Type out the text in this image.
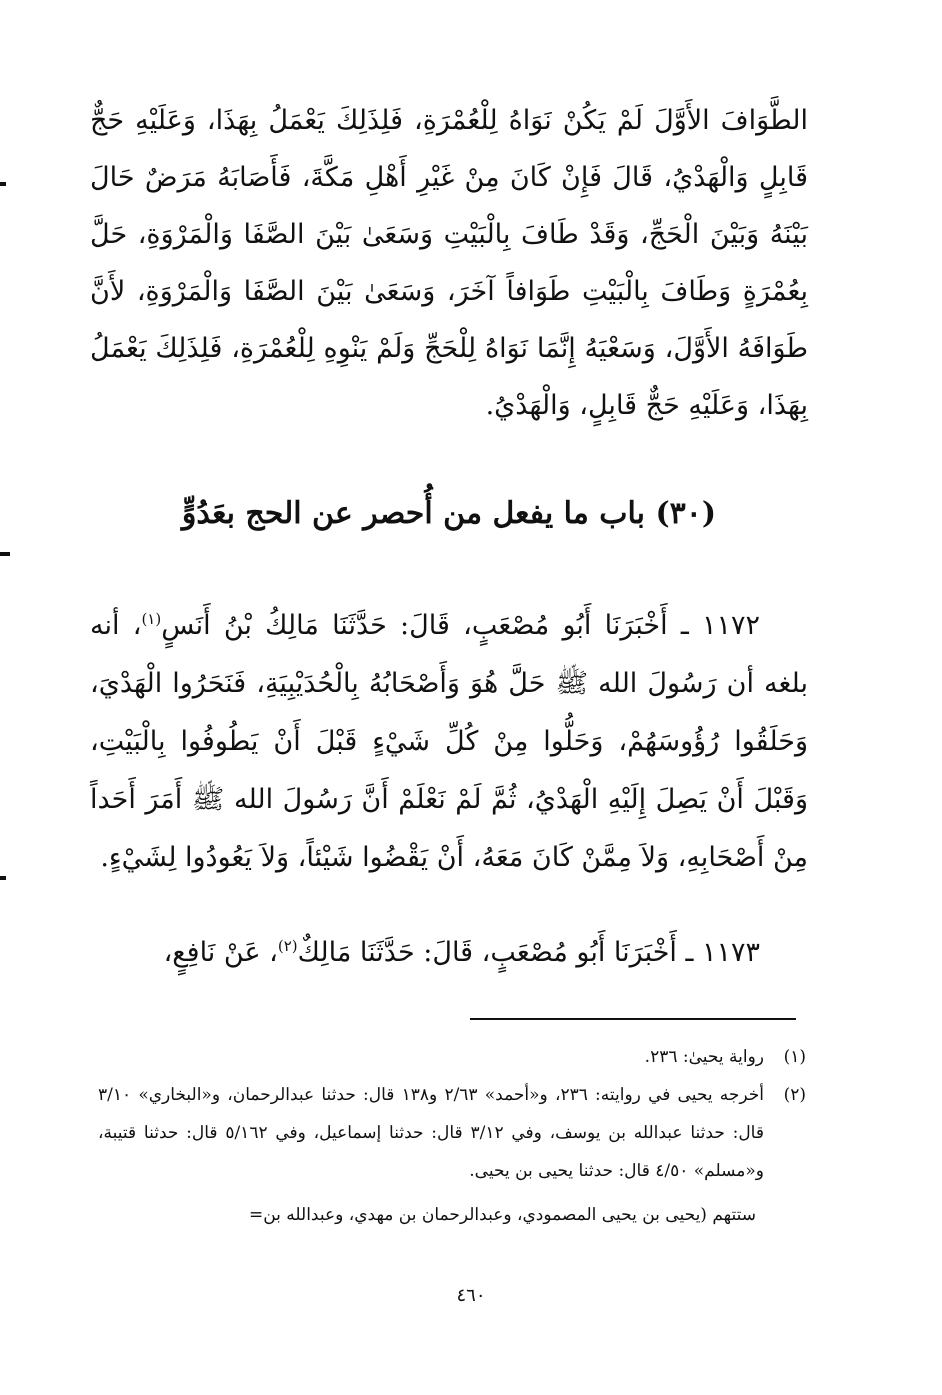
الطَّوَافَ الأَوَّلَ لَمْ يَكُنْ نَوَاهُ لِلْعُمْرَةِ، فَلِذَلِكَ يَعْمَلُ بِهَذَا، وَعَلَيْهِ حَجٌّ قَابِلٍ وَالْهَدْيُ، قَالَ فَإِنْ كَانَ مِنْ غَيْرِ أَهْلِ مَكَّةَ، فَأَصَابَهُ مَرَضٌ حَالَ بَيْنَهُ وَبَيْنَ الْحَجِّ، وَقَدْ طَافَ بِالْبَيْتِ وَسَعَىٰ بَيْنَ الصَّفَا وَالْمَرْوَةِ، حَلَّ بِعُمْرَةٍ وَطَافَ بِالْبَيْتِ طَوَافاً آخَرَ، وَسَعَىٰ بَيْنَ الصَّفَا وَالْمَرْوَةِ، لأَنَّ طَوَافَهُ الأَوَّلَ، وَسَعْيَهُ إِنَّمَا نَوَاهُ لِلْحَجِّ وَلَمْ يَنْوِهِ لِلْعُمْرَةِ، فَلِذَلِكَ يَعْمَلُ بِهَذَا، وَعَلَيْهِ حَجٌّ قَابِلٍ، وَالْهَدْيُ.

(٣٠) باب ما يفعل من أُحصر عن الحج بعَدُوٍّ

١١٧٢ ـ أَخْبَرَنَا أَبُو مُصْعَبٍ، قَالَ: حَدَّثَنَا مَالِكُ بْنُ أَنَسٍ$^{(١)}$، أنه بلغه أن رَسُولَ الله ﷺ حَلَّ هُوَ وَأَصْحَابُهُ بِالْحُدَيْبِيَةِ، فَنَحَرُوا الْهَدْيَ، وَحَلَقُوا رُؤُوسَهُمْ، وَحَلُّوا مِنْ كُلِّ شَيْءٍ قَبْلَ أَنْ يَطُوفُوا بِالْبَيْتِ، وَقَبْلَ أَنْ يَصِلَ إِلَيْهِ الْهَدْيُ، ثُمَّ لَمْ نَعْلَمْ أَنَّ رَسُولَ الله ﷺ أَمَرَ أَحَداً مِنْ أَصْحَابِهِ، وَلاَ مِمَّنْ كَانَ مَعَهُ، أَنْ يَقْضُوا شَيْئاً، وَلاَ يَعُودُوا لِشَيْءٍ.

١١٧٣ ـ أَخْبَرَنَا أَبُو مُصْعَبٍ، قَالَ: حَدَّثَنَا مَالِكٌ$^{(٢)}$، عَنْ نَافِعٍ،

(١)
رواية يحيىٰ: ٢٣٦.
(٢)
أخرجه يحيى في روايته: ٢٣٦، و«أحمد» ٢/٦٣ و١٣٨ قال: حدثنا عبدالرحمان، و«البخاري» ٣/١٠ قال: حدثنا عبدالله بن يوسف، وفي ٣/١٢ قال: حدثنا إسماعيل، وفي ٥/١٦٢ قال: حدثنا قتيبة، و«مسلم» ٤/٥٠ قال: حدثنا يحيى بن يحيى.

ستتهم (يحيى بن يحيى المصمودي، وعبدالرحمان بن مهدي، وعبدالله بن=

٤٦٠
